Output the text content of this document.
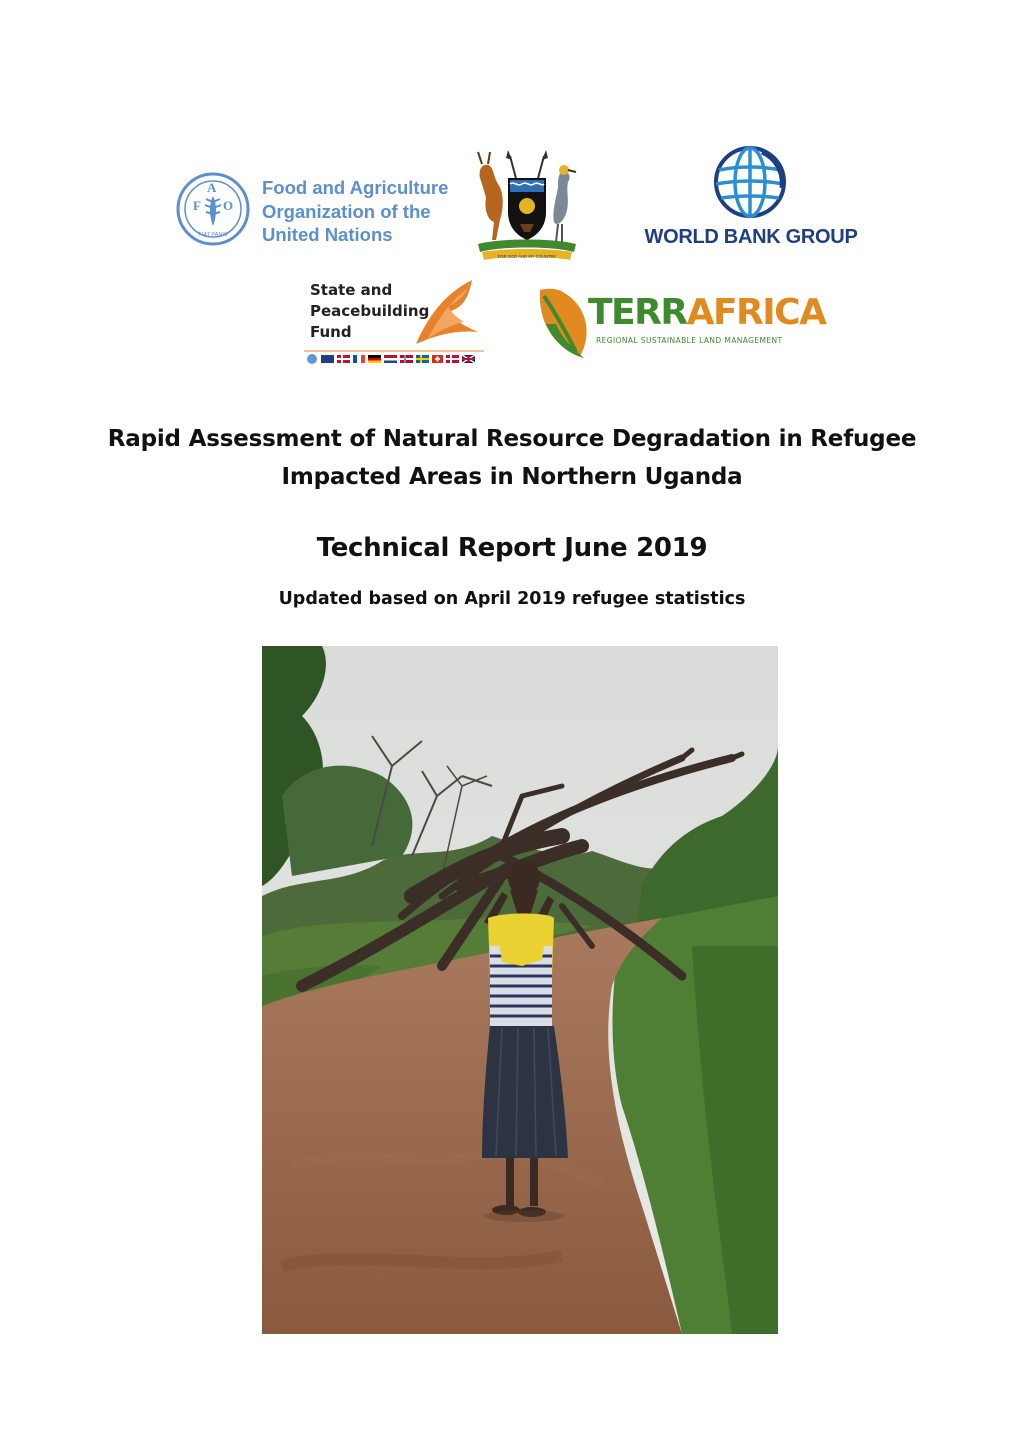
F
A
O
FIAT PANIS
Food and Agriculture
Organization of the
United Nations
FOR GOD AND MY COUNTRY
WORLD BANK GROUP
State and
Peacebuilding
Fund	TERRAFRICA
REGIONAL SUSTAINABLE LAND MANAGEMENT
Rapid Assessment of Natural Resource Degradation in Refugee
Impacted Areas in Northern Uganda
Technical Report June 2019
Updated based on April 2019 refugee statistics
